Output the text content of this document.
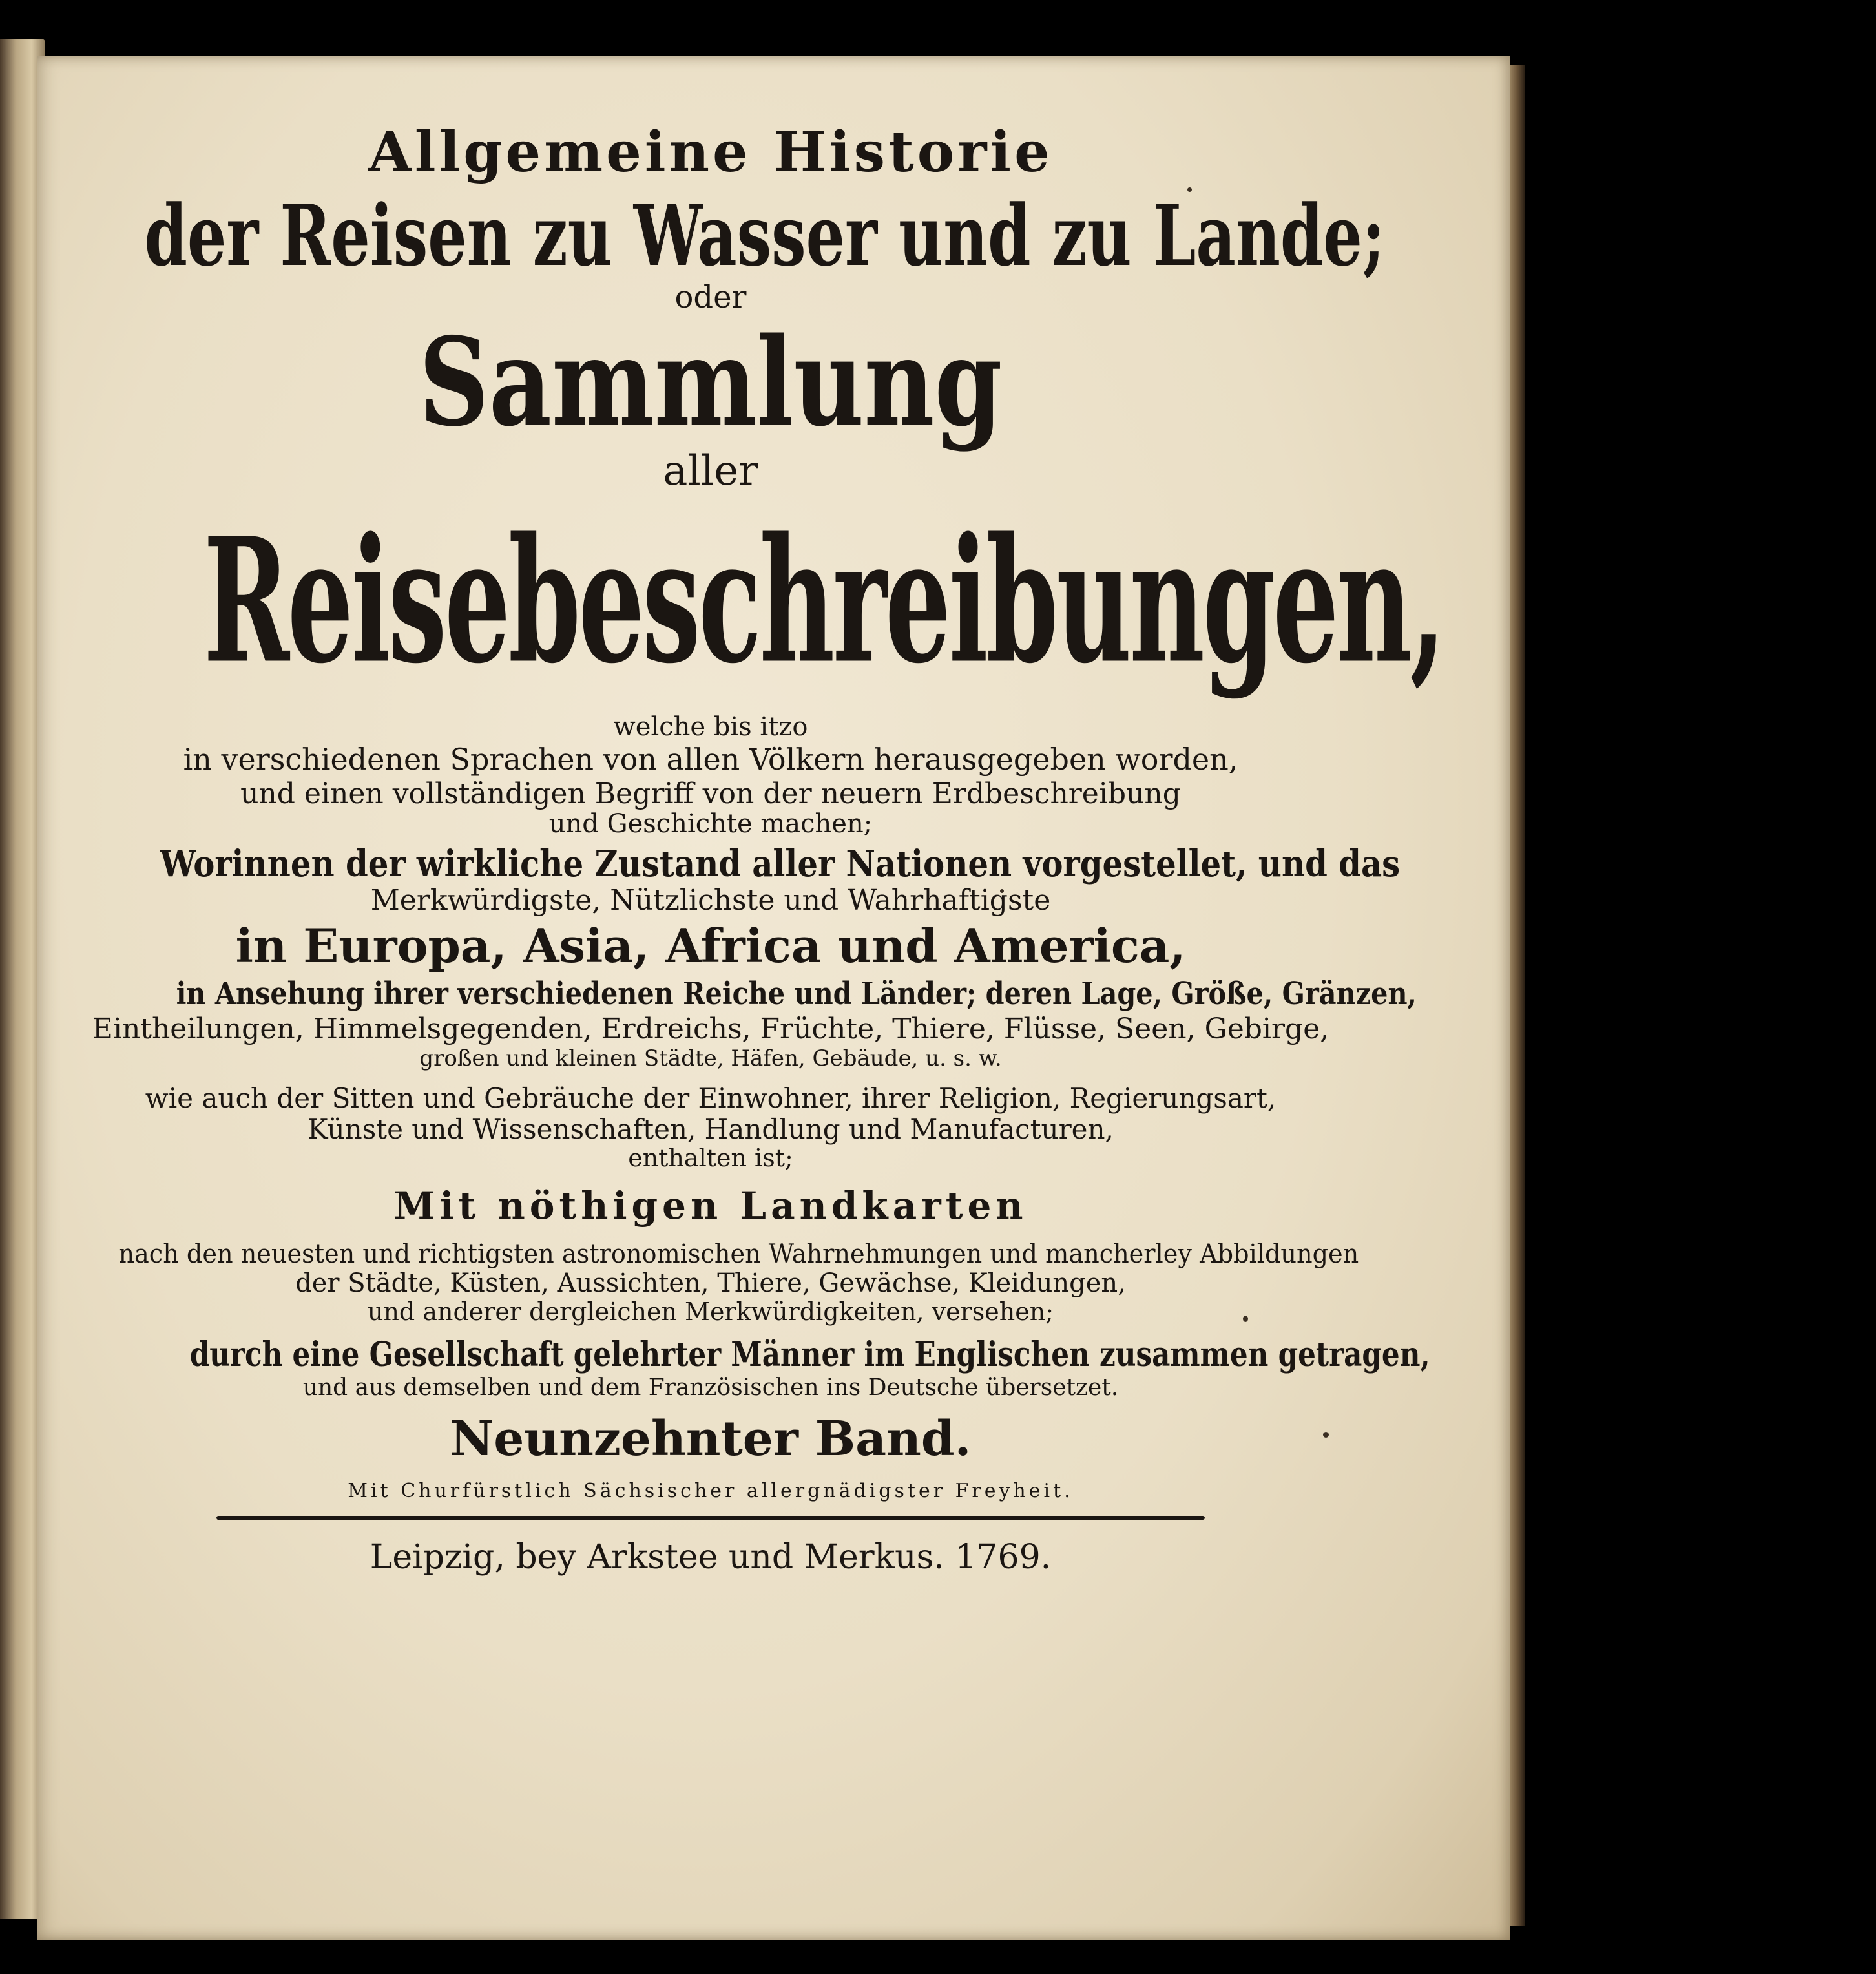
Allgemeine Historie
der Reisen zu Wasser und zu Lande;
oder
Sammlung
aller
Reisebeschreibungen,
welche bis itzo
in verschiedenen Sprachen von allen Völkern herausgegeben worden,
und einen vollständigen Begriff von der neuern Erdbeschreibung
und Geschichte machen;
Worinnen der wirkliche Zustand aller Nationen vorgestellet, und das
Merkwürdigste, Nützlichste und Wahrhaftigste
in Europa, Asia, Africa und America,
in Ansehung ihrer verschiedenen Reiche und Länder; deren Lage, Größe, Gränzen,
Eintheilungen, Himmelsgegenden, Erdreichs, Früchte, Thiere, Flüsse, Seen, Gebirge,
großen und kleinen Städte, Häfen, Gebäude, u. s. w.
wie auch der Sitten und Gebräuche der Einwohner, ihrer Religion, Regierungsart,
Künste und Wissenschaften, Handlung und Manufacturen,
enthalten ist;
Mit nöthigen Landkarten
nach den neuesten und richtigsten astronomischen Wahrnehmungen und mancherley Abbildungen
der Städte, Küsten, Aussichten, Thiere, Gewächse, Kleidungen,
und anderer dergleichen Merkwürdigkeiten, versehen;
durch eine Gesellschaft gelehrter Männer im Englischen zusammen getragen,
und aus demselben und dem Französischen ins Deutsche übersetzet.
Neunzehnter Band.
Mit Churfürstlich Sächsischer allergnädigster Freyheit.
Leipzig, bey Arkstee und Merkus. 1769.
